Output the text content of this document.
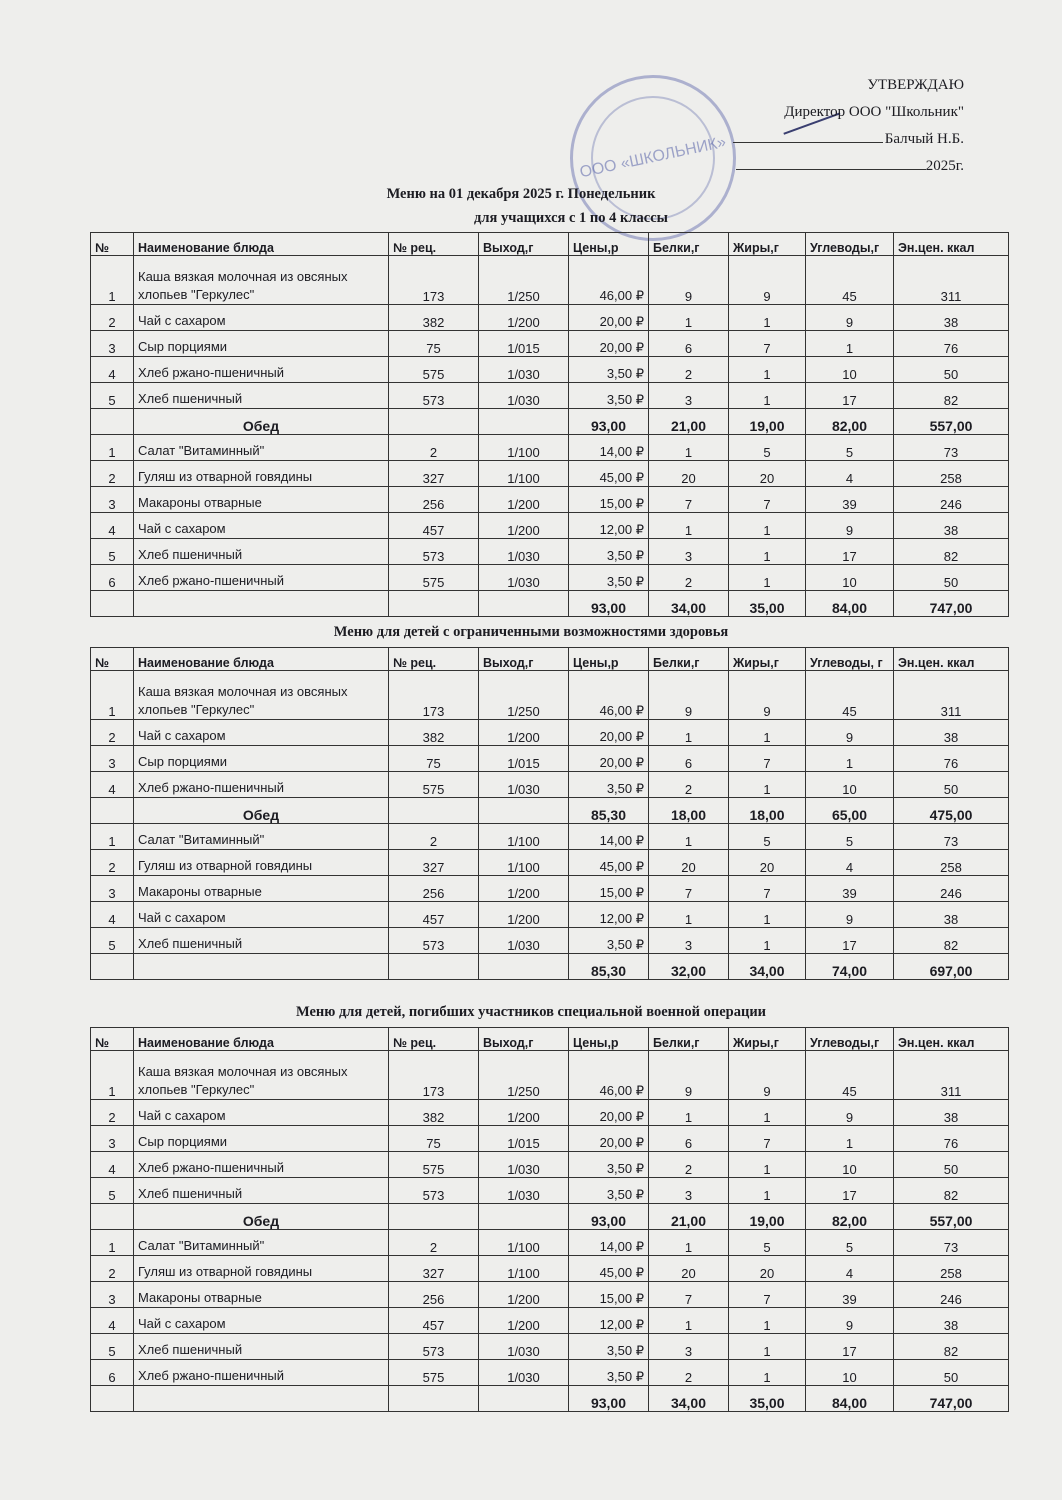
ООО «ШКОЛЬНИК»
УТВЕРЖДАЮ
Директор ООО "Школьник"
Балчый Н.Б.
2025г.
Меню на 01 декабря 2025 г. Понедельник
для учащихся с 1 по 4 классы
Меню для детей с ограниченными возможностями здоровья
Меню для детей, погибших участников специальной военной операции
№	Наименование блюда	№ рец.	Выход,г	Цены,р	Белки,г	Жиры,г	Углеводы,г	Эн.цен. ккал
1	Каша вязкая молочная из овсяных хлопьев "Геркулес"	173	1/250	46,00 ₽	9	9	45	311
2	Чай с сахаром	382	1/200	20,00 ₽	1	1	9	38
3	Сыр порциями	75	1/015	20,00 ₽	6	7	1	76
4	Хлеб ржано-пшеничный	575	1/030	3,50 ₽	2	1	10	50
5	Хлеб пшеничный	573	1/030	3,50 ₽	3	1	17	82
	Обед			93,00	21,00	19,00	82,00	557,00
1	Салат "Витаминный"	2	1/100	14,00 ₽	1	5	5	73
2	Гуляш из отварной говядины	327	1/100	45,00 ₽	20	20	4	258
3	Макароны отварные	256	1/200	15,00 ₽	7	7	39	246
4	Чай с сахаром	457	1/200	12,00 ₽	1	1	9	38
5	Хлеб пшеничный	573	1/030	3,50 ₽	3	1	17	82
6	Хлеб ржано-пшеничный	575	1/030	3,50 ₽	2	1	10	50
				93,00	34,00	35,00	84,00	747,00
№	Наименование блюда	№ рец.	Выход,г	Цены,р	Белки,г	Жиры,г	Углеводы, г	Эн.цен. ккал
1	Каша вязкая молочная из овсяных хлопьев "Геркулес"	173	1/250	46,00 ₽	9	9	45	311
2	Чай с сахаром	382	1/200	20,00 ₽	1	1	9	38
3	Сыр порциями	75	1/015	20,00 ₽	6	7	1	76
4	Хлеб ржано-пшеничный	575	1/030	3,50 ₽	2	1	10	50
	Обед			85,30	18,00	18,00	65,00	475,00
1	Салат "Витаминный"	2	1/100	14,00 ₽	1	5	5	73
2	Гуляш из отварной говядины	327	1/100	45,00 ₽	20	20	4	258
3	Макароны отварные	256	1/200	15,00 ₽	7	7	39	246
4	Чай с сахаром	457	1/200	12,00 ₽	1	1	9	38
5	Хлеб пшеничный	573	1/030	3,50 ₽	3	1	17	82
				85,30	32,00	34,00	74,00	697,00
№	Наименование блюда	№ рец.	Выход,г	Цены,р	Белки,г	Жиры,г	Углеводы,г	Эн.цен. ккал
1	Каша вязкая молочная из овсяных хлопьев "Геркулес"	173	1/250	46,00 ₽	9	9	45	311
2	Чай с сахаром	382	1/200	20,00 ₽	1	1	9	38
3	Сыр порциями	75	1/015	20,00 ₽	6	7	1	76
4	Хлеб ржано-пшеничный	575	1/030	3,50 ₽	2	1	10	50
5	Хлеб пшеничный	573	1/030	3,50 ₽	3	1	17	82
	Обед			93,00	21,00	19,00	82,00	557,00
1	Салат "Витаминный"	2	1/100	14,00 ₽	1	5	5	73
2	Гуляш из отварной говядины	327	1/100	45,00 ₽	20	20	4	258
3	Макароны отварные	256	1/200	15,00 ₽	7	7	39	246
4	Чай с сахаром	457	1/200	12,00 ₽	1	1	9	38
5	Хлеб пшеничный	573	1/030	3,50 ₽	3	1	17	82
6	Хлеб ржано-пшеничный	575	1/030	3,50 ₽	2	1	10	50
				93,00	34,00	35,00	84,00	747,00
